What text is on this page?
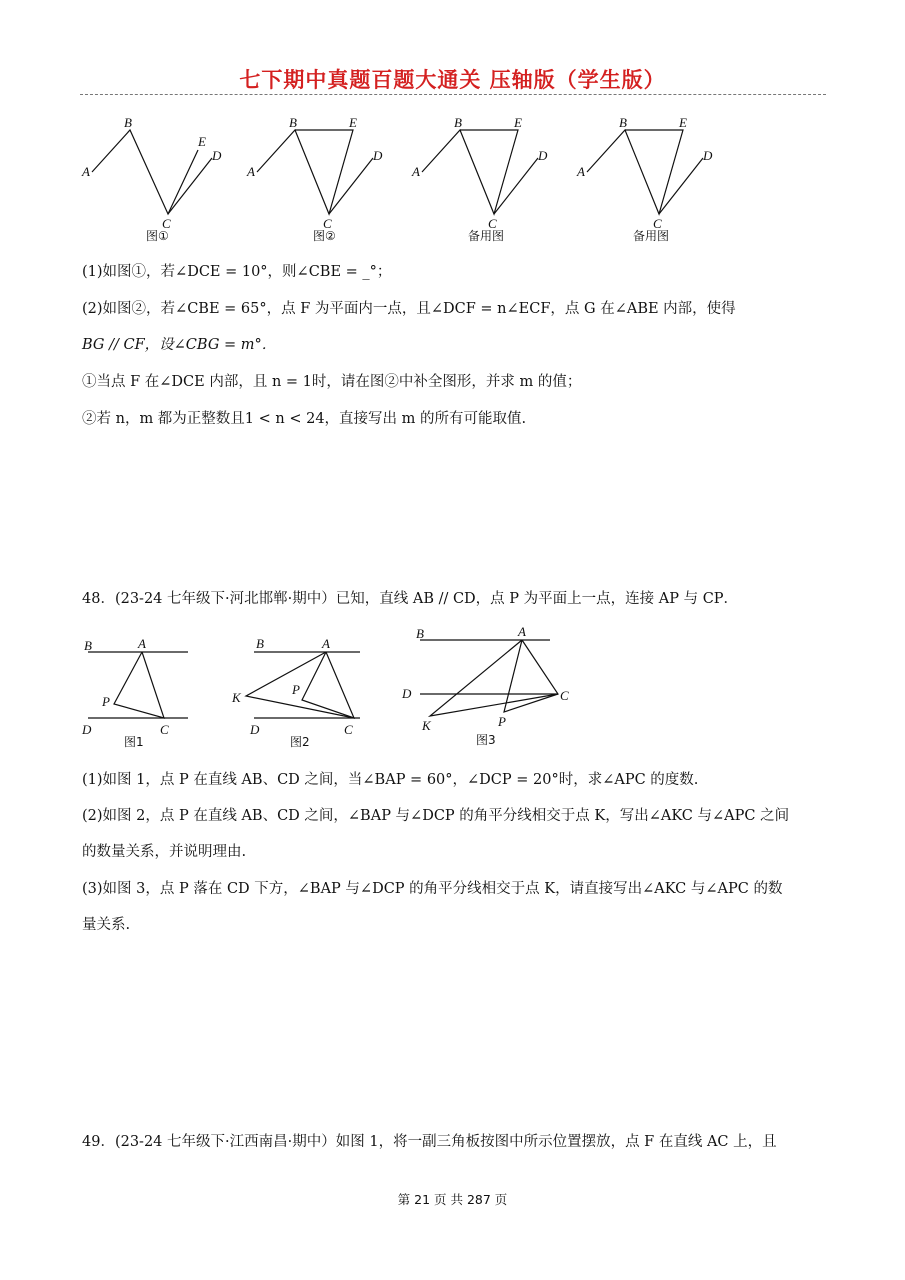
七下期中真题百题大通关 压轴版（学生版）
A
B
C
D
E
图①
A
B
C
D
E
图②
A
B
C
D
E
备用图
A
B
C
D
E
备用图
(1)如图①，若∠DCE = 10°，则∠CBE = _°；
(2)如图②，若∠CBE = 65°，点 F 为平面内一点，且∠DCF = n∠ECF，点 G 在∠ABE 内部，使得
BG // CF，设∠CBG = m°．
①当点 F 在∠DCE 内部，且 n = 1时，请在图②中补全图形，并求 m 的值；
②若 n，m 都为正整数且1 < n < 24，直接写出 m 的所有可能取值.
48．(23-24 七年级下·河北邯郸·期中）已知，直线 AB // CD，点 P 为平面上一点，连接 AP 与 CP．
B	A
P
D	C
图1
B	A
P
K
D	C
图2
B	A
D	C
K	P
图3
(1)如图 1，点 P 在直线 AB、CD 之间，当∠BAP = 60°，∠DCP = 20°时，求∠APC 的度数.
(2)如图 2，点 P 在直线 AB、CD 之间，∠BAP 与∠DCP 的角平分线相交于点 K，写出∠AKC 与∠APC 之间
的数量关系，并说明理由.
(3)如图 3，点 P 落在 CD 下方，∠BAP 与∠DCP 的角平分线相交于点 K，请直接写出∠AKC 与∠APC 的数
量关系.
49．(23-24 七年级下·江西南昌·期中）如图 1，将一副三角板按图中所示位置摆放，点 F 在直线 AC 上，且
第 21 页 共 287 页
